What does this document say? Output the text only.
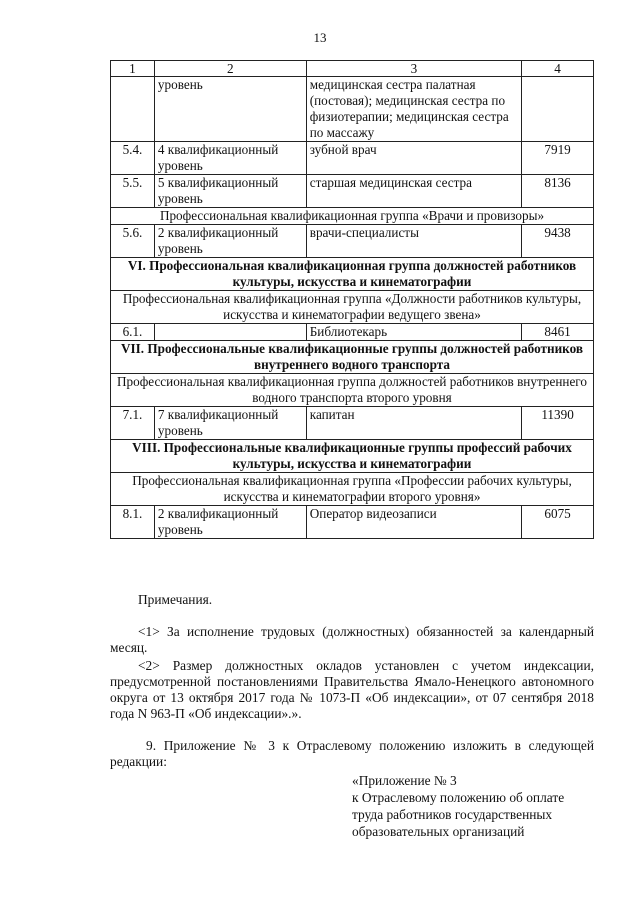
13
1	2	3	4
	уровень	медицинская сестра палатная (постовая); медицинская сестра по физиотерапии; медицинская сестра по массажу	
5.4.	4 квалификационный уровень	зубной врач	7919
5.5.	5 квалификационный уровень	старшая медицинская сестра	8136
Профессиональная квалификационная группа «Врачи и провизоры»			
5.6.	2 квалификационный уровень	врачи-специалисты	9438
VI. Профессиональная квалификационная группа должностей работников культуры, искусства и кинематографии			
Профессиональная квалификационная группа «Должности работников культуры, искусства и кинематографии ведущего звена»			
6.1.		Библиотекарь	8461
VII. Профессиональные квалификационные группы должностей работников внутреннего водного транспорта			
Профессиональная квалификационная группа должностей работников внутреннего водного транспорта второго уровня			
7.1.	7 квалификационный уровень	капитан	11390
VIII. Профессиональные квалификационные группы профессий рабочих культуры, искусства и кинематографии			
Профессиональная квалификационная группа «Профессии рабочих культуры, искусства и кинематографии второго уровня»			
8.1.	2 квалификационный уровень	Оператор видеозаписи	6075
Примечания.

<1> За исполнение трудовых (должностных) обязанностей за календарный месяц.

<2> Размер должностных окладов установлен с учетом индексации, предусмотренной постановлениями Правительства Ямало-Ненецкого автономного округа от 13 октября 2017 года № 1073-П «Об индексации», от 07 сентября 2018 года N 963-П «Об индексации».».

9. Приложение № 3 к Отраслевому положению изложить в следующей редакции:

«Приложение № 3
к Отраслевому положению об оплате
труда работников государственных
образовательных организаций
